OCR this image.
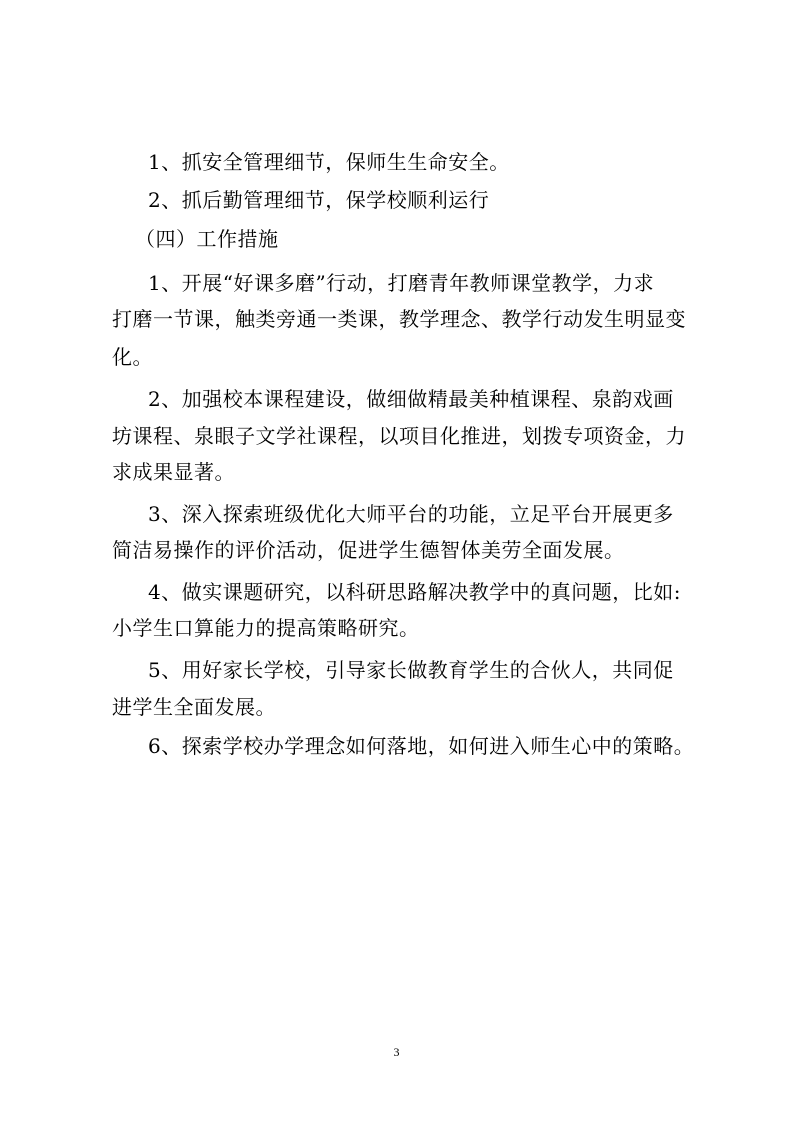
1、抓安全管理细节，保师生生命安全。
2、抓后勤管理细节，保学校顺利运行
（四）工作措施
1、开展“好课多磨”行动，打磨青年教师课堂教学，力求
打磨一节课，触类旁通一类课，教学理念、教学行动发生明显变
化。
2、加强校本课程建设，做细做精最美种植课程、泉韵戏画
坊课程、泉眼子文学社课程，以项目化推进，划拨专项资金，力
求成果显著。
3、深入探索班级优化大师平台的功能，立足平台开展更多
简洁易操作的评价活动，促进学生德智体美劳全面发展。
4、做实课题研究，以科研思路解决教学中的真问题，比如:
小学生口算能力的提高策略研究。
5、用好家长学校，引导家长做教育学生的合伙人，共同促
进学生全面发展。
6、探索学校办学理念如何落地，如何进入师生心中的策略。
3
